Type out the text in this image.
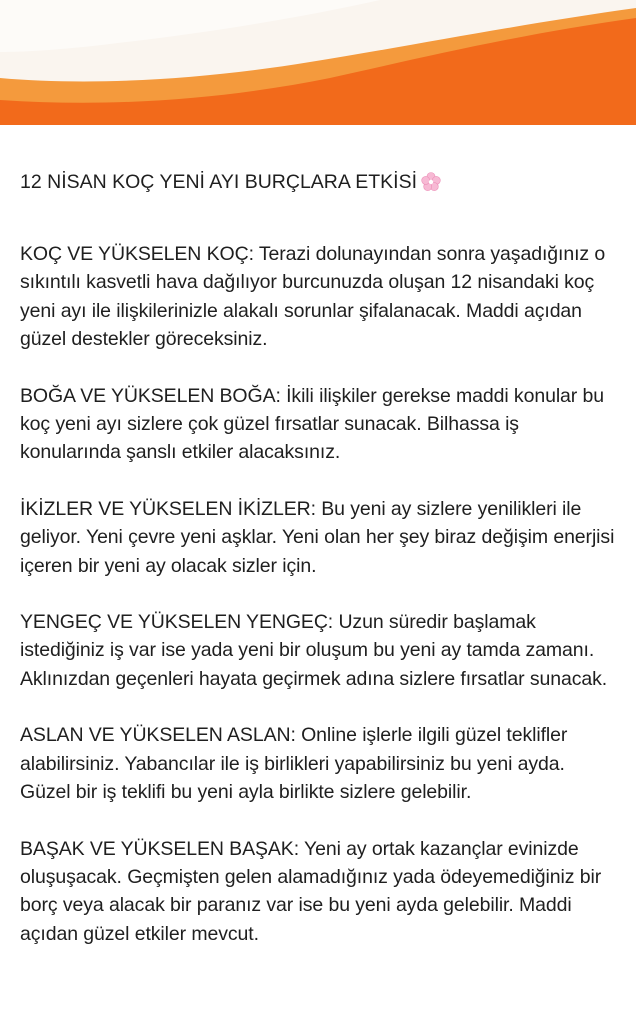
12 NİSAN KOÇ YENİ AYI BURÇLARA ETKİSİ

KOÇ VE YÜKSELEN KOÇ: Terazi dolunayından sonra yaşadığınız o sıkıntılı kasvetli hava dağılıyor burcunuzda oluşan 12 nisandaki koç yeni ayı ile ilişkilerinizle alakalı sorunlar şifalanacak. Maddi açıdan güzel destekler göreceksiniz.

BOĞA VE YÜKSELEN BOĞA: İkili ilişkiler gerekse maddi konular bu koç yeni ayı sizlere çok güzel fırsatlar sunacak. Bilhassa iş konularında şanslı etkiler alacaksınız.

İKİZLER VE YÜKSELEN İKİZLER: Bu yeni ay sizlere yenilikleri ile geliyor. Yeni çevre yeni aşklar. Yeni olan her şey biraz değişim enerjisi içeren bir yeni ay olacak sizler için.

YENGEÇ VE YÜKSELEN YENGEÇ: Uzun süredir başlamak istediğiniz iş var ise yada yeni bir oluşum bu yeni ay tamda zamanı. Aklınızdan geçenleri hayata geçirmek adına sizlere fırsatlar sunacak.

ASLAN VE YÜKSELEN ASLAN: Online işlerle ilgili güzel teklifler alabilirsiniz. Yabancılar ile iş birlikleri yapabilirsiniz bu yeni ayda. Güzel bir iş teklifi bu yeni ayla birlikte sizlere gelebilir.

BAŞAK VE YÜKSELEN BAŞAK: Yeni ay ortak kazançlar evinizde oluşuşacak. Geçmişten gelen alamadığınız yada ödeyemediğiniz bir borç veya alacak bir paranız var ise bu yeni ayda gelebilir. Maddi açıdan güzel etkiler mevcut.
